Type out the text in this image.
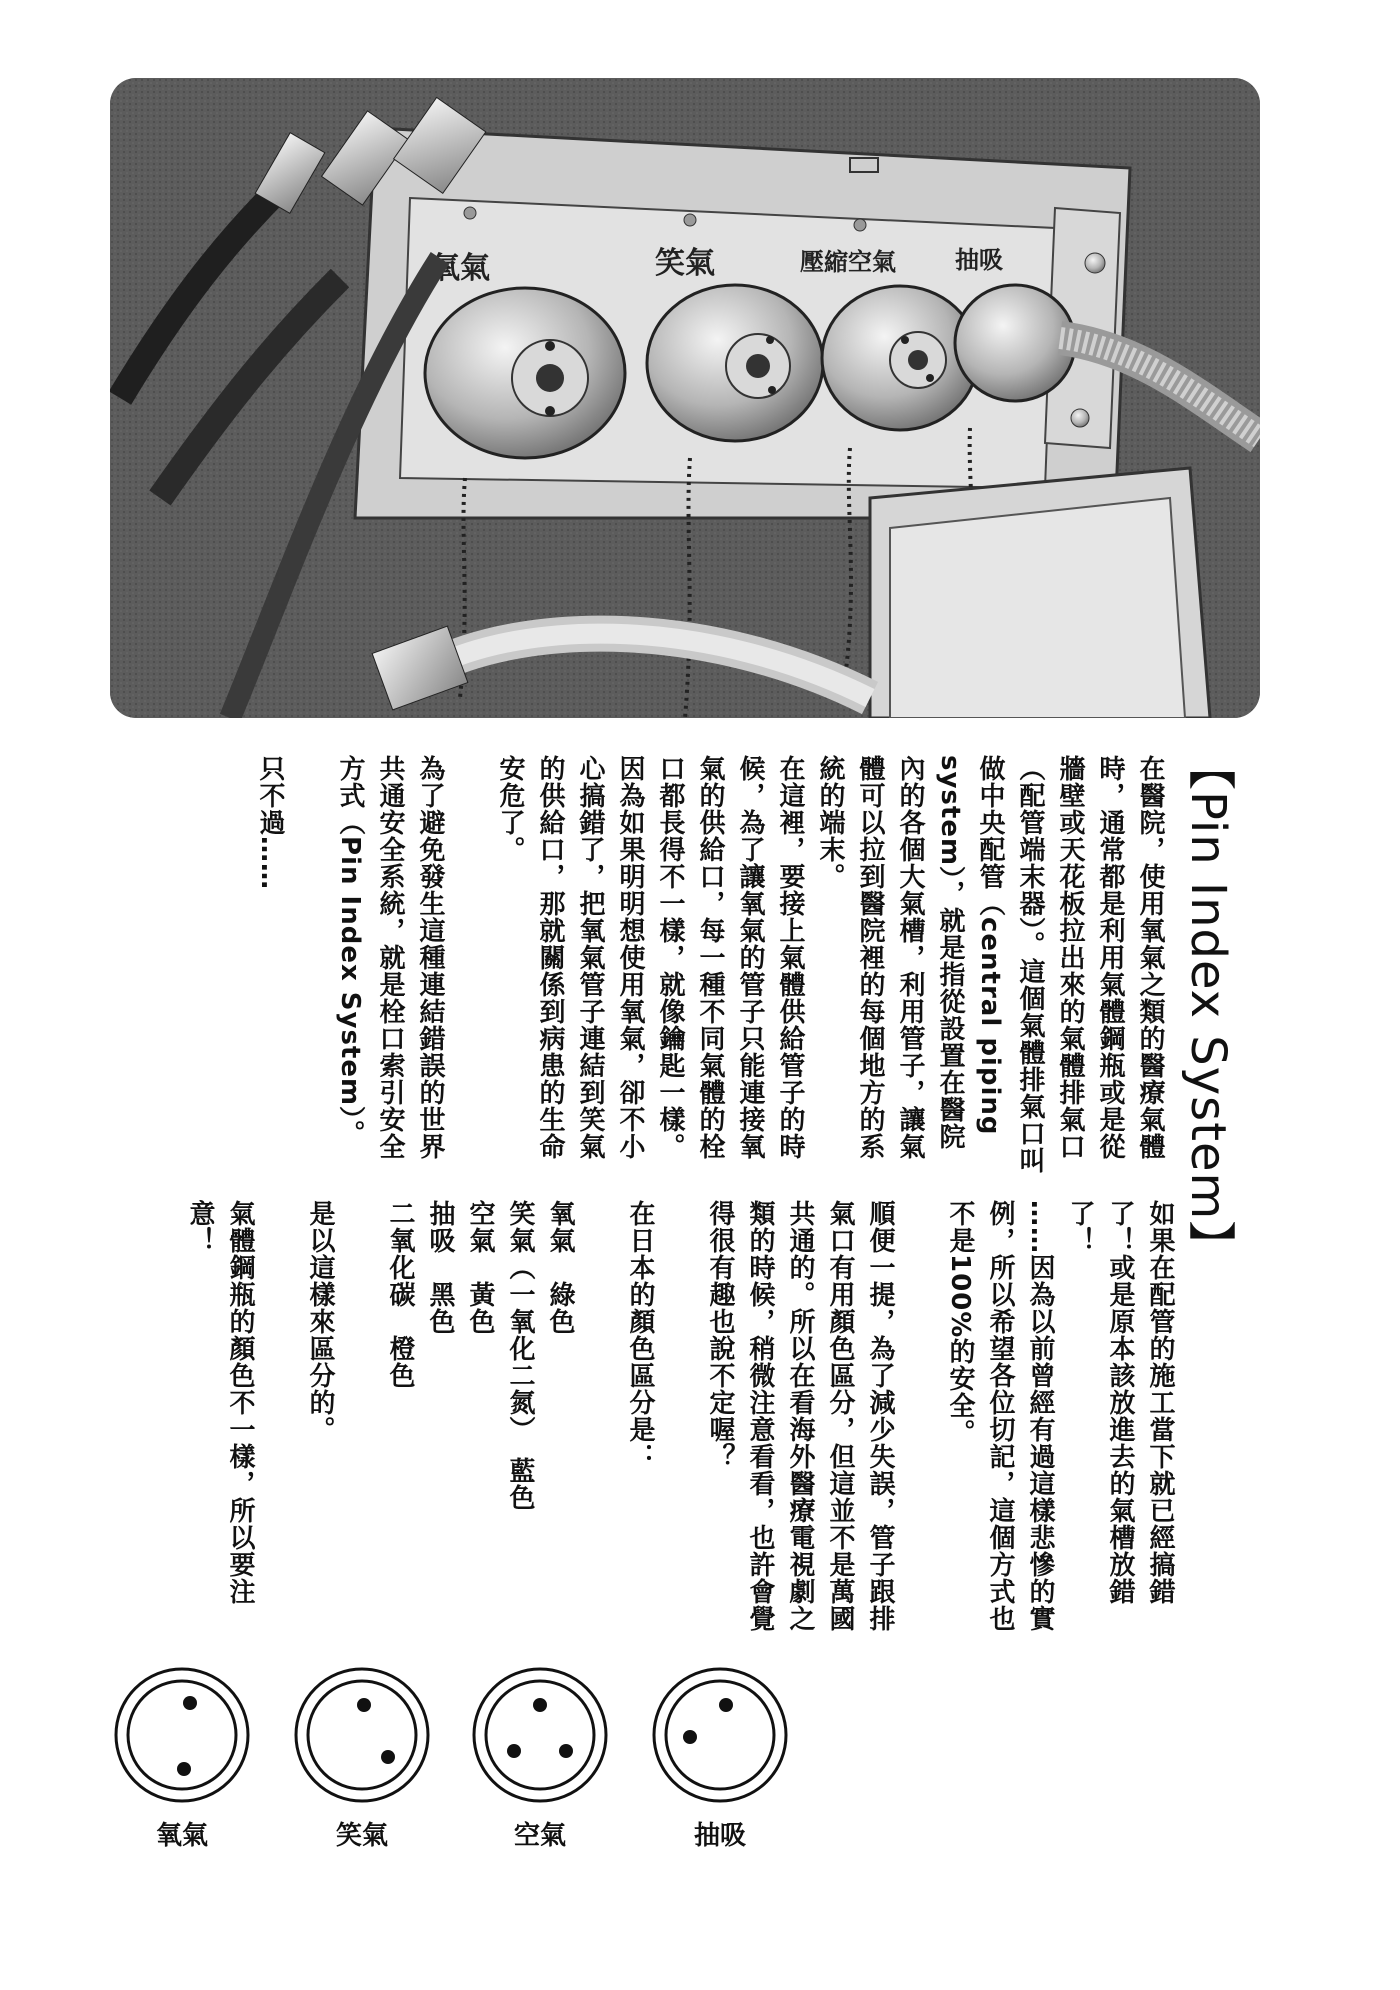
氧氣	笑氣	壓縮空氣 抽吸
【Pin Index System】
在醫院，使用氧氣之類的醫療氣體時，通常都是利用氣體鋼瓶或是從牆壁或天花板拉出來的氣體排氣口（配管端末器）。這個氣體排氣口叫做中央配管（central piping system），就是指從設置在醫院內的各個大氣槽，利用管子，讓氣體可以拉到醫院裡的每個地方的系統的端末。
在這裡，要接上氣體供給管子的時候，為了讓氧氣的管子只能連接氧氣的供給口，每一種不同氣體的栓口都長得不一樣，就像鑰匙一樣。因為如果明明想使用氧氣，卻不小心搞錯了，把氧氣管子連結到笑氣的供給口，那就關係到病患的生命安危了。
為了避免發生這種連結錯誤的世界共通安全系統，就是栓口索引安全方式（Pin Index System）。
只不過……
如果在配管的施工當下就已經搞錯了！或是原本該放進去的氣槽放錯了！
……因為以前曾經有過這樣悲慘的實例，所以希望各位切記，這個方式也不是100%的安全。
順便一提，為了減少失誤，管子跟排氣口有用顏色區分，但這並不是萬國共通的。所以在看海外醫療電視劇之類的時候，稍微注意看看，也許會覺得很有趣也說不定喔？
在日本的顏色區分是：
氧氣　綠色
笑氣（一氧化二氮）　藍色
空氣　黃色
抽吸　黑色
二氧化碳　橙色
是以這樣來區分的。
氣體鋼瓶的顏色不一樣，所以要注意！
氧氣	笑氣	空氣	抽吸
